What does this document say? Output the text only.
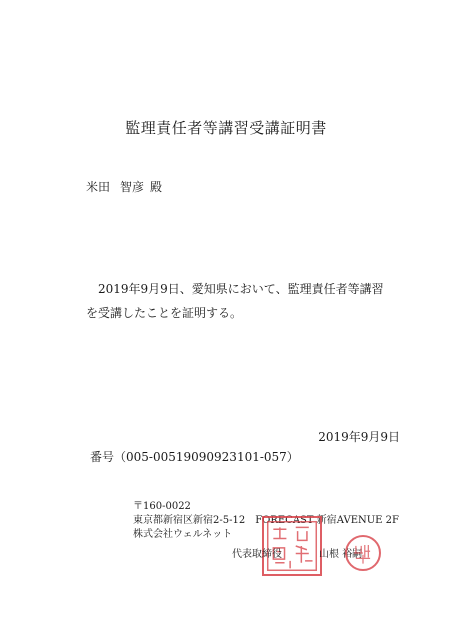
監理責任者等講習受講証明書
米田 智彦 殿
2019年9月9日、愛知県において、監理責任者等講習
を受講したことを証明する。
2019年9月9日
番号（005-00519090923101-057）
〒160-0022
東京都新宿区新宿2-5-12　FORECAST 新宿AVENUE 2F
株式会社ウェルネット
代表取締役	山根 裕嗣
